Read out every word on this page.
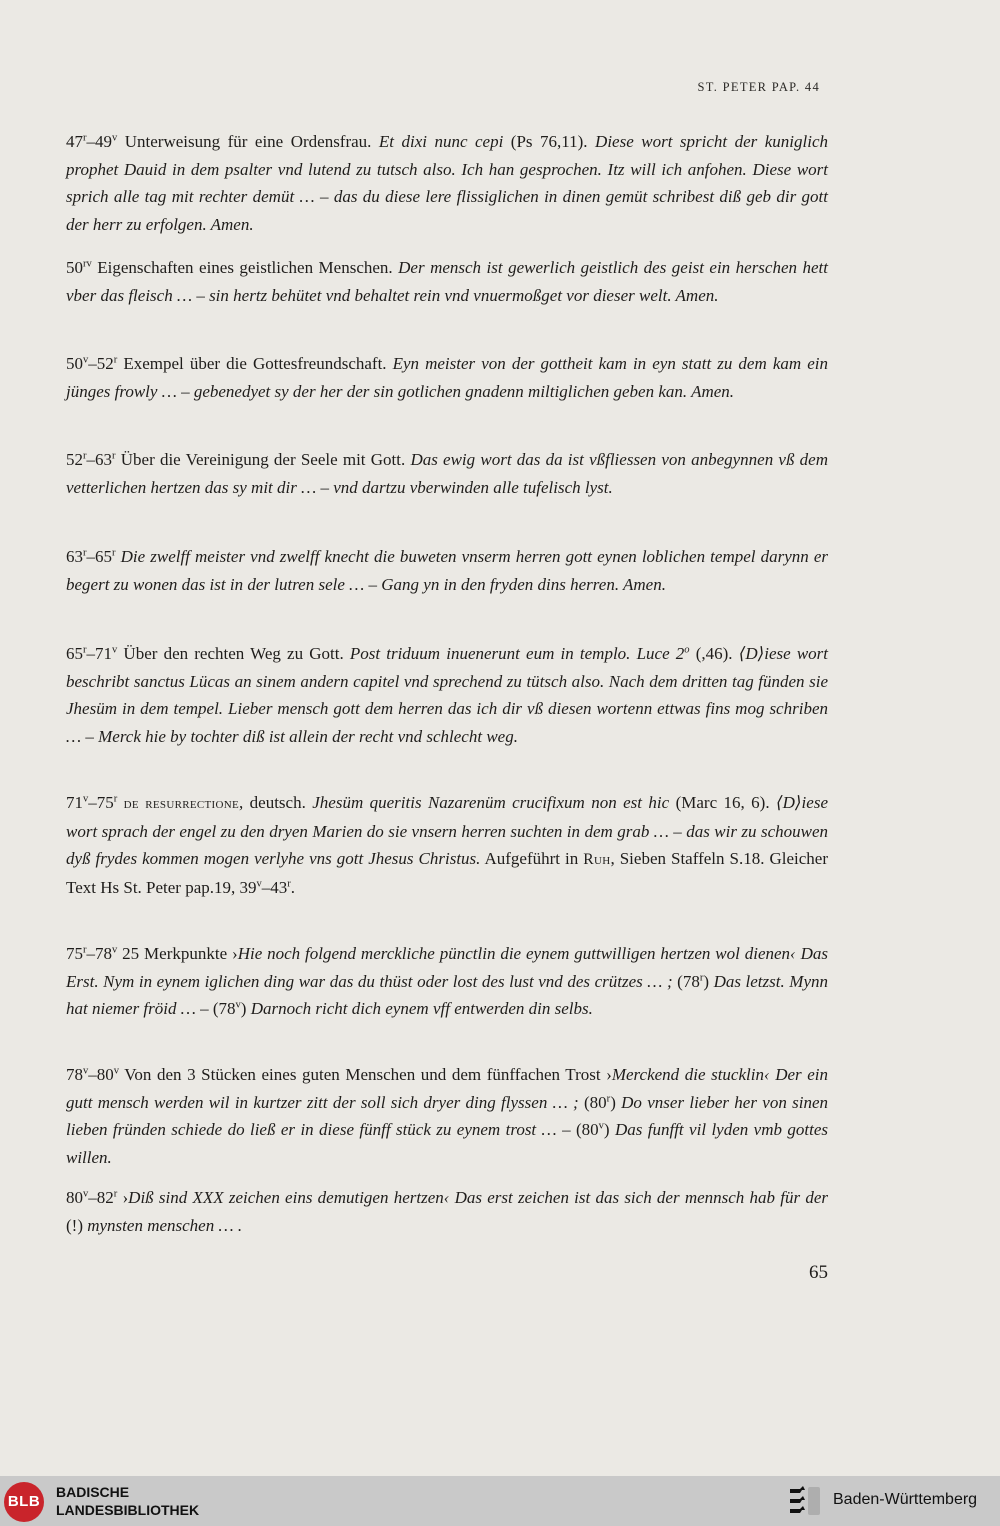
ST. PETER PAP. 44

47$^r$–49$^v$ Unterweisung für eine Ordensfrau. Et dixi nunc cepi (Ps 76,11). Diese wort spricht der kuniglich prophet Dauid in dem psalter vnd lutend zu tutsch also. Ich han gesprochen. Itz will ich anfohen. Diese wort sprich alle tag mit rechter demüt … – das du diese lere flissiglichen in dinen gemüt schribest diß geb dir gott der herr zu erfolgen. Amen.

$50^{rv}$ Eigenschaften eines geistlichen Menschen. Der mensch ist gewerlich geistlich des geist ein herschen hett vber das fleisch … – sin hertz behütet vnd behaltet rein vnd vnuermoßget vor dieser welt. Amen.

50$^v$–52$^r$ Exempel über die Gottesfreundschaft. Eyn meister von der gottheit kam in eyn statt zu dem kam ein jünges frowly … – gebenedyet sy der her der sin gotlichen gnadenn miltiglichen geben kan. Amen.

52$^r$–63$^r$ Über die Vereinigung der Seele mit Gott. Das ewig wort das da ist vßfliessen von anbegynnen vß dem vetterlichen hertzen das sy mit dir … – vnd dartzu vberwinden alle tufelisch lyst.

63$^r$–65$^r$ Die zwelff meister vnd zwelff knecht die buweten vnserm herren gott eynen loblichen tempel darynn er begert zu wonen das ist in der lutren sele … – Gang yn in den fryden dins herren. Amen.

65$^r$–71$^v$ Über den rechten Weg zu Gott. Post triduum inuenerunt eum in templo. Luce 2$^o$ (,46). ⟨D⟩iese wort beschribt sanctus Lücas an sinem andern capitel vnd sprechend zu tütsch also. Nach dem dritten tag fünden sie Jhesüm in dem tempel. Lieber mensch gott dem herren das ich dir vß diesen wortenn ettwas fins mog schriben … – Merck hie by tochter diß ist allein der recht vnd schlecht weg.

71$^v$–75$^r$ de resurrectione, deutsch. Jhesüm queritis Nazarenüm crucifixum non est hic (Marc 16, 6). ⟨D⟩iese wort sprach der engel zu den dryen Marien do sie vnsern herren suchten in dem grab … – das wir zu schouwen dyß frydes kommen mogen verlyhe vns gott Jhesus Christus. Aufgeführt in Ruh, Sieben Staffeln S.18. Gleicher Text Hs St. Peter pap.19, 39$^v$–43$^r$.

75$^r$–78$^v$ 25 Merkpunkte ›Hie noch folgend merckliche pünctlin die eynem guttwilligen hertzen wol dienen‹ Das Erst. Nym in eynem iglichen ding war das du thüst oder lost des lust vnd des crützes … ; (78$^r$) Das letzst. Mynn hat niemer fröid … – (78$^v$) Darnoch richt dich eynem vff entwerden din selbs.

78$^v$–80$^v$ Von den 3 Stücken eines guten Menschen und dem fünffachen Trost ›Merckend die stucklin‹ Der ein gutt mensch werden wil in kurtzer zitt der soll sich dryer ding flyssen … ; (80$^r$) Do vnser lieber her von sinen lieben fründen schiede do ließ er in diese fünff stück zu eynem trost … – (80$^v$) Das funfft vil lyden vmb gottes willen.

80$^v$–82$^r$ ›Diß sind XXX zeichen eins demutigen hertzen‹ Das erst zeichen ist das sich der mennsch hab für der (!) mynsten menschen … .

65
BLB
BADISCHE
LANDESBIBLIOTHEK
Baden-Württemberg
